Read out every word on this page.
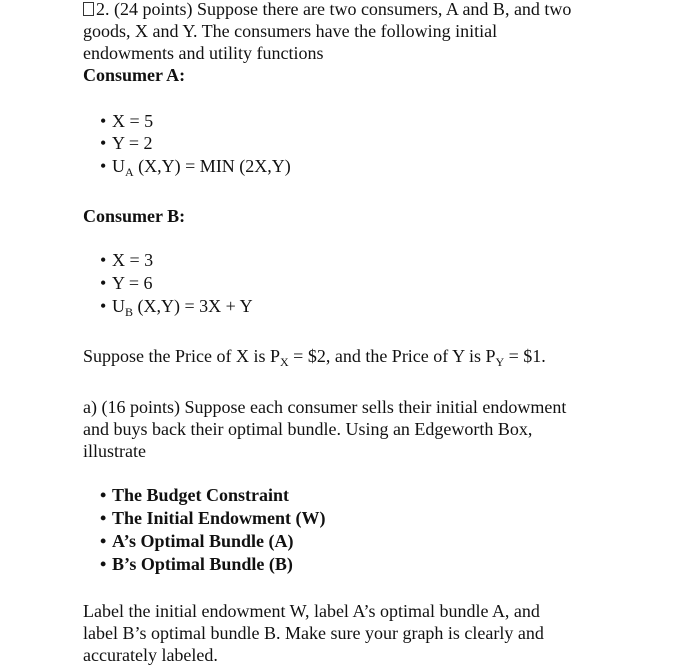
2. (24 points) Suppose there are two consumers, A and B, and two
goods, X and Y. The consumers have the following initial
endowments and utility functions
Consumer A:
• X = 5
• Y = 2
• $U_A$ (X,Y) = MIN (2X,Y)
Consumer B:
• X = 3
• Y = 6
• $U_B$ (X,Y) = 3X + Y
Suppose the Price of X is $P_X$ = $2, and the Price of Y is $P_Y$ = $1.
a) (16 points) Suppose each consumer sells their initial endowment
and buys back their optimal bundle. Using an Edgeworth Box,
illustrate
• The Budget Constraint
• The Initial Endowment (W)
• A’s Optimal Bundle (A)
• B’s Optimal Bundle (B)
Label the initial endowment W, label A’s optimal bundle A, and
label B’s optimal bundle B. Make sure your graph is clearly and
accurately labeled.
